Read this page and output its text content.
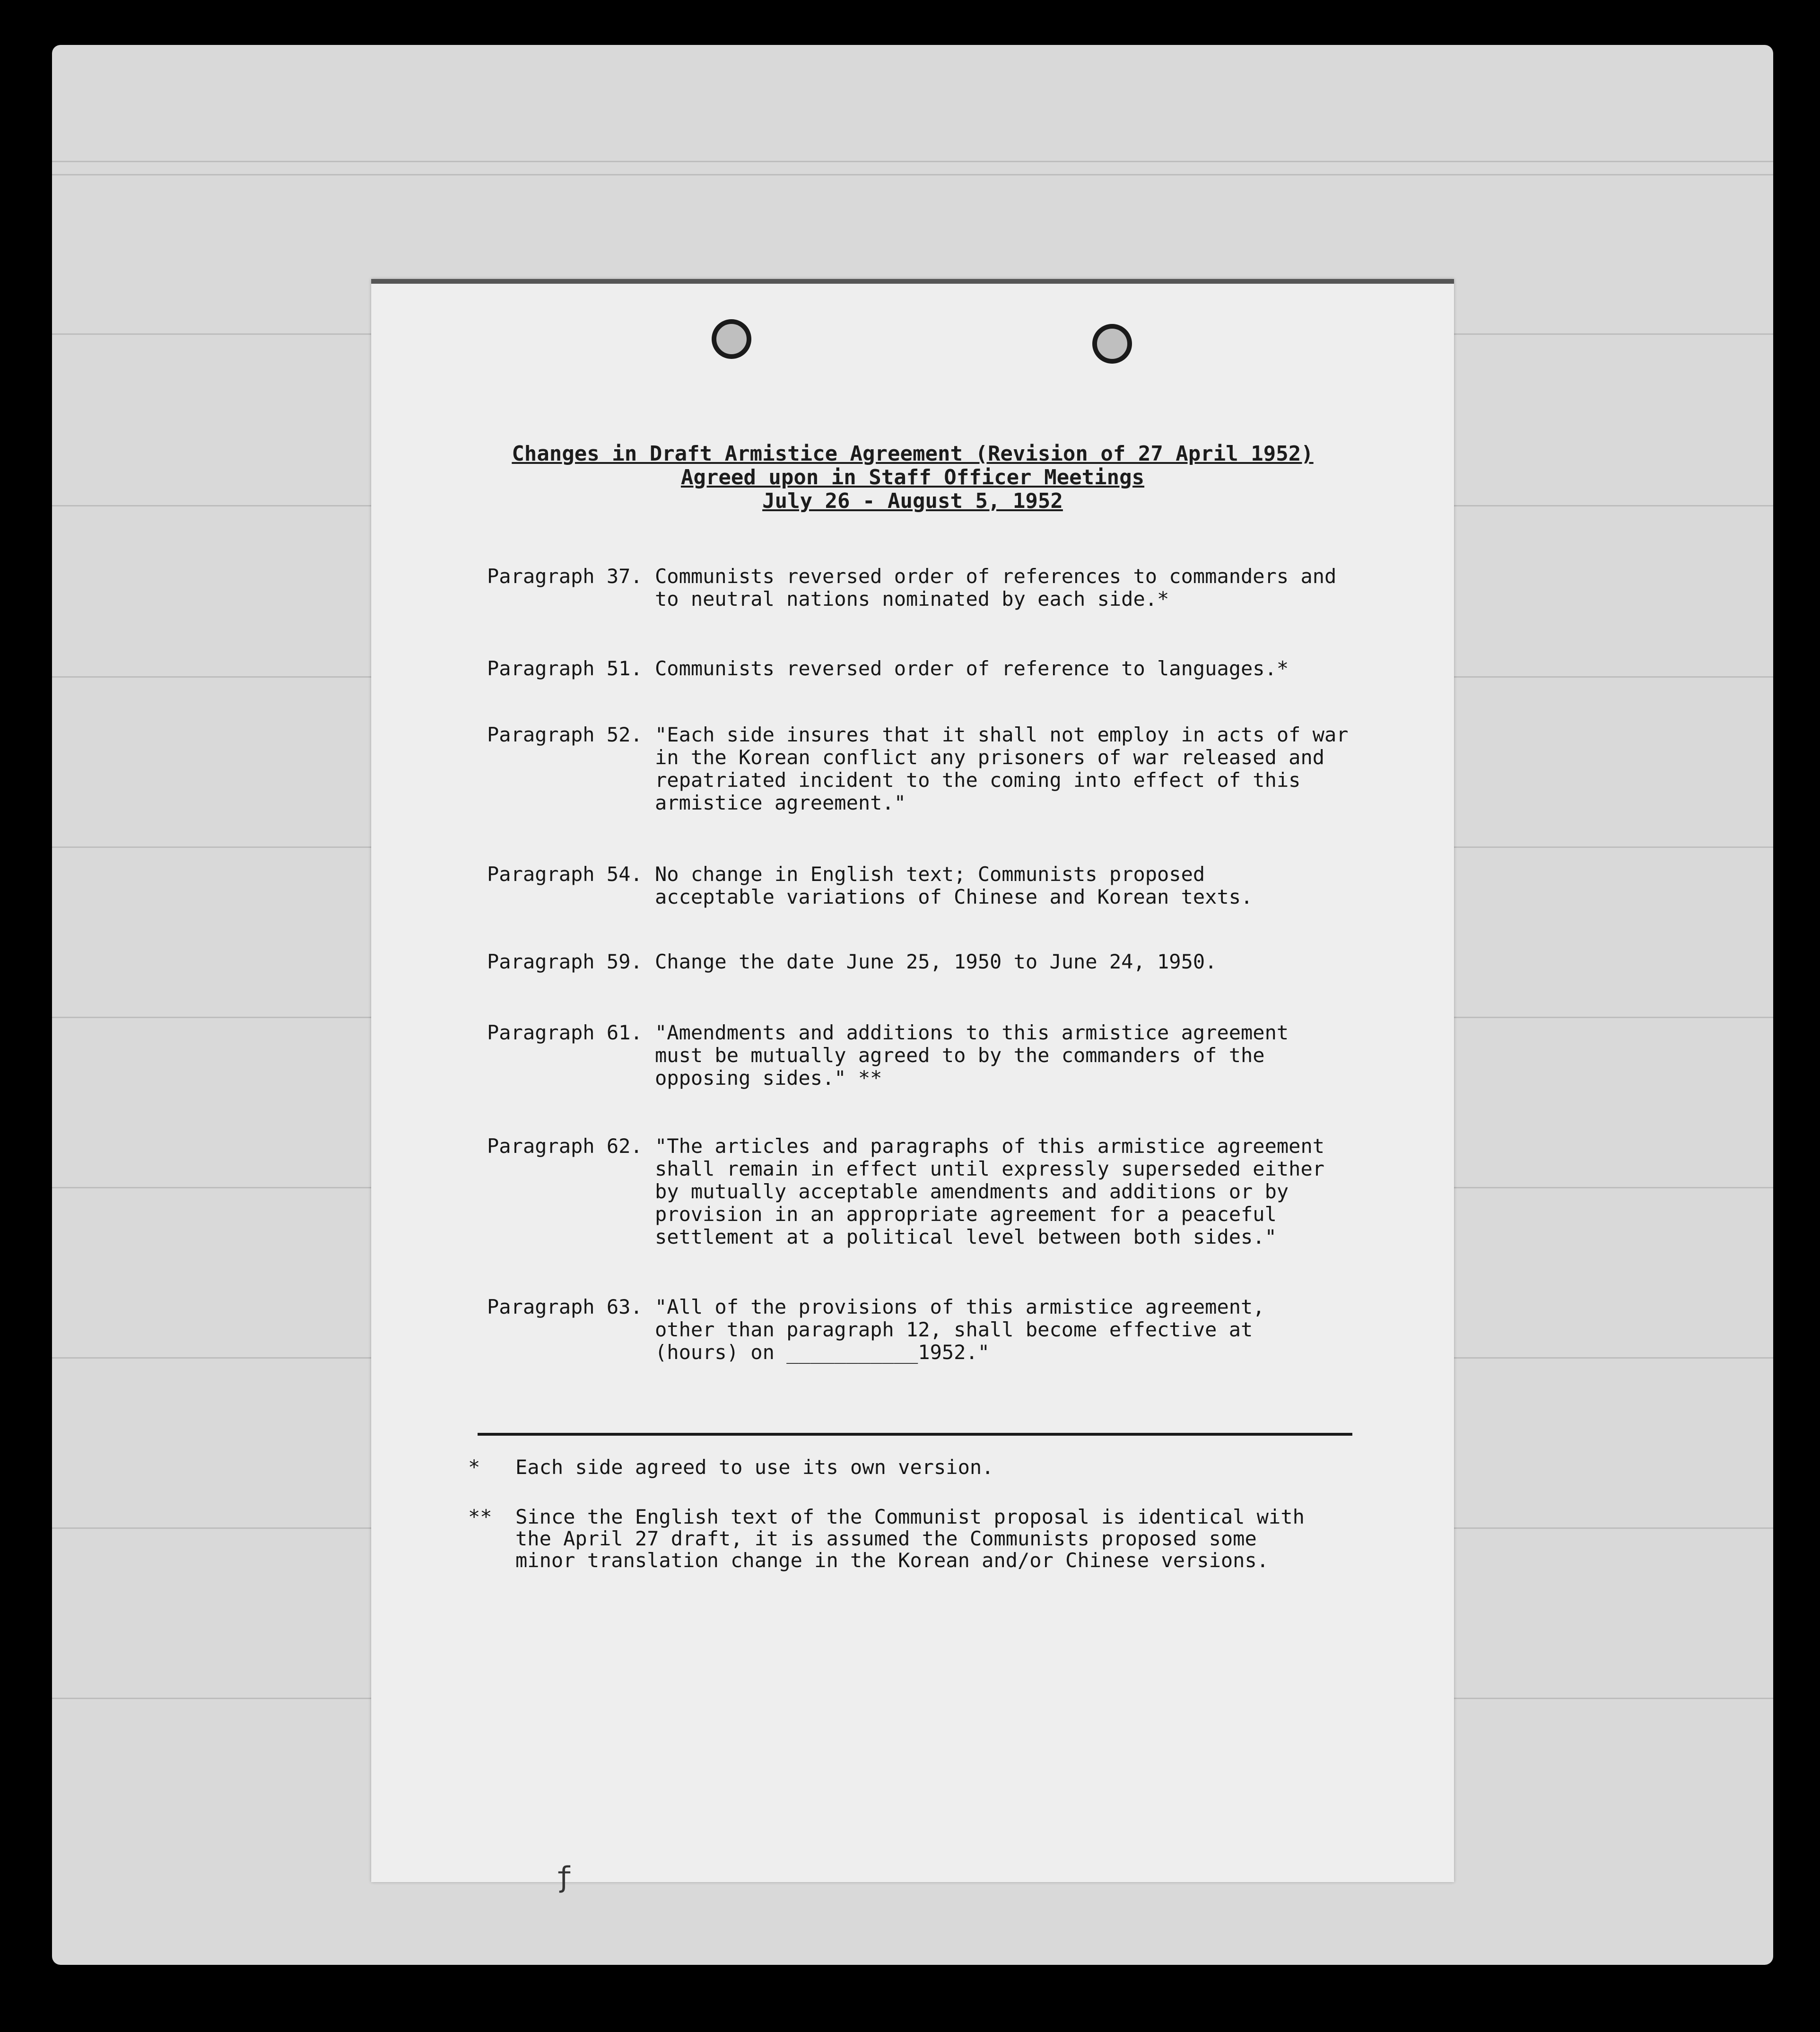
Changes in Draft Armistice Agreement (Revision of 27 April 1952)
Agreed upon in Staff Officer Meetings
July 26 - August 5, 1952
Paragraph 37. Communists reversed order of references to commanders and
to neutral nations nominated by each side.*
Paragraph 51. Communists reversed order of reference to languages.*
Paragraph 52. "Each side insures that it shall not employ in acts of war
in the Korean conflict any prisoners of war released and
repatriated incident to the coming into effect of this
armistice agreement."
Paragraph 54. No change in English text; Communists proposed
acceptable variations of Chinese and Korean texts.
Paragraph 59. Change the date June 25, 1950 to June 24, 1950.
Paragraph 61. "Amendments and additions to this armistice agreement
must be mutually agreed to by the commanders of the
opposing sides." **
Paragraph 62. "The articles and paragraphs of this armistice agreement
shall remain in effect until expressly superseded either
by mutually acceptable amendments and additions or by
provision in an appropriate agreement for a peaceful
settlement at a political level between both sides."
Paragraph 63. "All of the provisions of this armistice agreement,
other than paragraph 12, shall become effective at
(hours) on ___________1952."
*	Each side agreed to use its own version.
**	Since the English text of the Communist proposal is identical with
the April 27 draft, it is assumed the Communists proposed some
minor translation change in the Korean and/or Chinese versions.
ƒ
